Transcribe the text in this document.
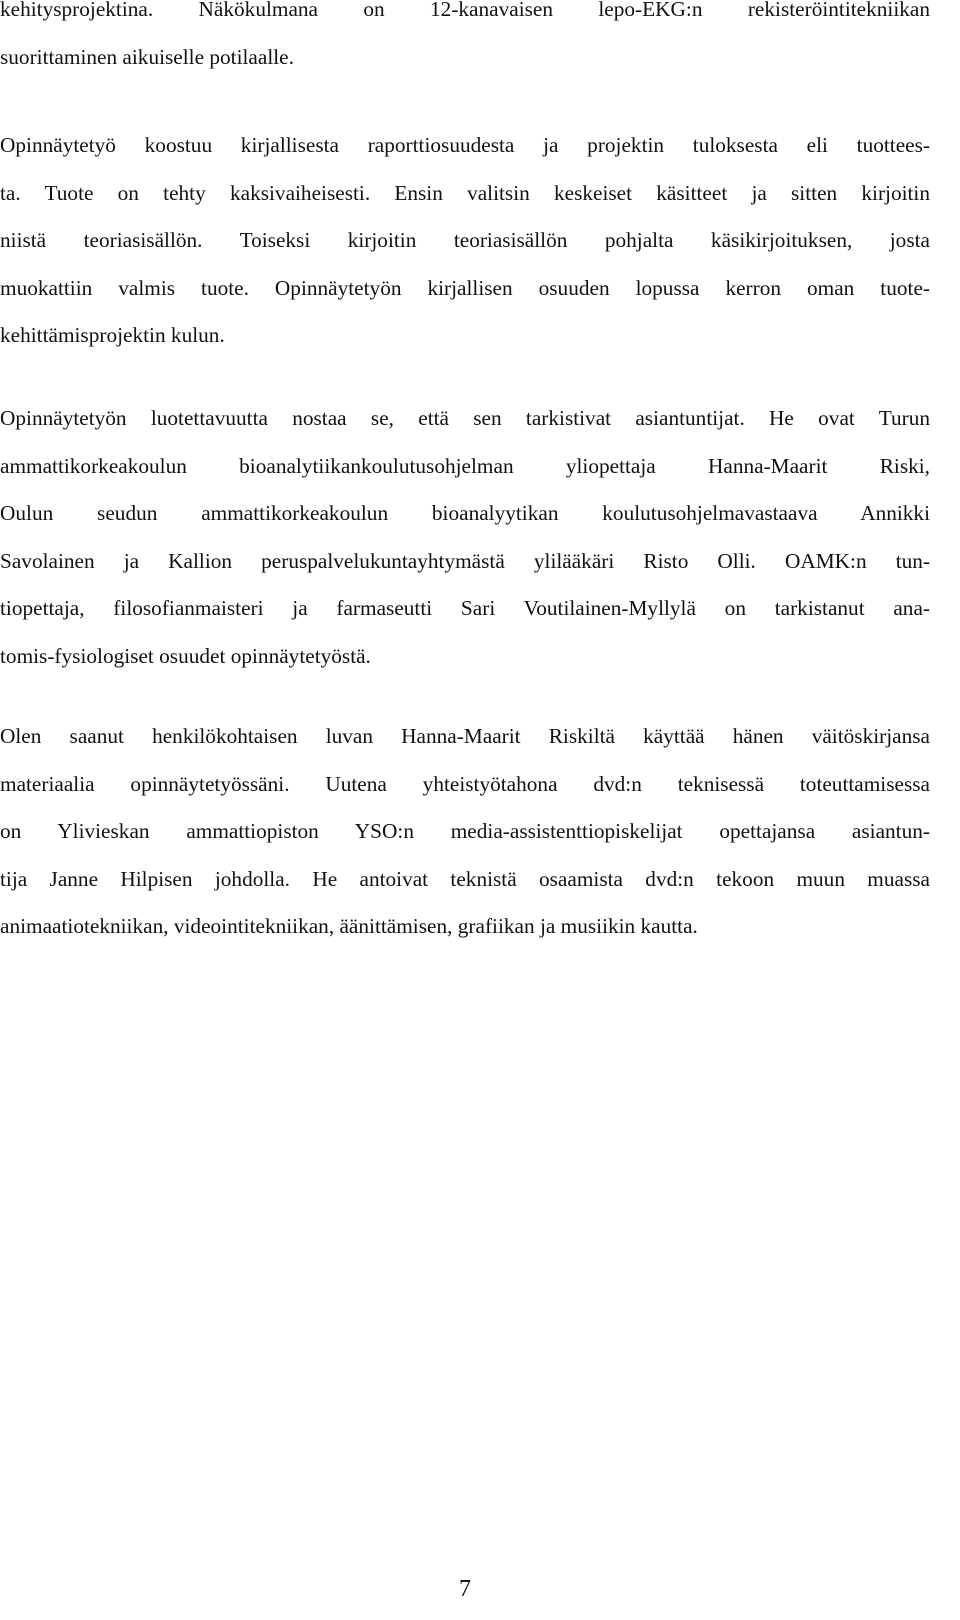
kehitysprojektina. Näkökulmana on 12-kanavaisen lepo-EKG:n rekisteröintitekniikan
suorittaminen aikuiselle potilaalle.
Opinnäytetyö koostuu kirjallisesta raporttiosuudesta ja projektin tuloksesta eli tuottees-
ta. Tuote on tehty kaksivaiheisesti. Ensin valitsin keskeiset käsitteet ja sitten kirjoitin
niistä teoriasisällön. Toiseksi kirjoitin teoriasisällön pohjalta käsikirjoituksen, josta
muokattiin valmis tuote. Opinnäytetyön kirjallisen osuuden lopussa kerron oman tuote-
kehittämisprojektin kulun.
Opinnäytetyön luotettavuutta nostaa se, että sen tarkistivat asiantuntijat. He ovat Turun
ammattikorkeakoulun bioanalytiikankoulutusohjelman yliopettaja Hanna-Maarit Riski,
Oulun seudun ammattikorkeakoulun bioanalyytikan koulutusohjelmavastaava Annikki
Savolainen ja Kallion peruspalvelukuntayhtymästä ylilääkäri Risto Olli. OAMK:n tun-
tiopettaja, filosofianmaisteri ja farmaseutti Sari Voutilainen-Myllylä on tarkistanut ana-
tomis-fysiologiset osuudet opinnäytetyöstä.
Olen saanut henkilökohtaisen luvan Hanna-Maarit Riskiltä käyttää hänen väitöskirjansa
materiaalia opinnäytetyössäni. Uutena yhteistyötahona dvd:n teknisessä toteuttamisessa
on Ylivieskan ammattiopiston YSO:n media-assistenttiopiskelijat opettajansa asiantun-
tija Janne Hilpisen johdolla. He antoivat teknistä osaamista dvd:n tekoon muun muassa
animaatiotekniikan, videointitekniikan, äänittämisen, grafiikan ja musiikin kautta.
7
